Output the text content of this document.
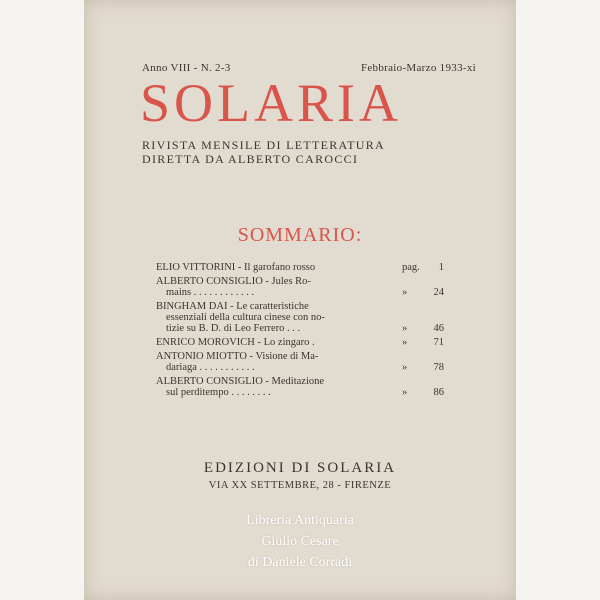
Anno VIII - N. 2-3	Febbraio-Marzo 1933-xi
SOLARIA
RIVISTA MENSILE DI LETTERATURA
DIRETTA DA ALBERTO CAROCCI
SOMMARIO:
ELIO VITTORINI - Il garofano rosso	pag. 1
ALBERTO CONSIGLIO - Jules Ro-
mains . . . . . . . . . . . .	»	24
BINGHAM DAI - Le caratteristiche
essenziali della cultura cinese con no-
tizie su B. D. di Leo Ferrero . . .	»	46
ENRICO MOROVICH - Lo zingaro .	»	71
ANTONIO MIOTTO - Visione di Ma-
dariaga . . . . . . . . . . .	»	78
ALBERTO CONSIGLIO - Meditazione
sul perditempo . . . . . . . .	»	86
EDIZIONI DI SOLARIA
VIA XX SETTEMBRE, 28 - FIRENZE
Libreria Antiquaria
Giulio Cesare
di Daniele Corradi
